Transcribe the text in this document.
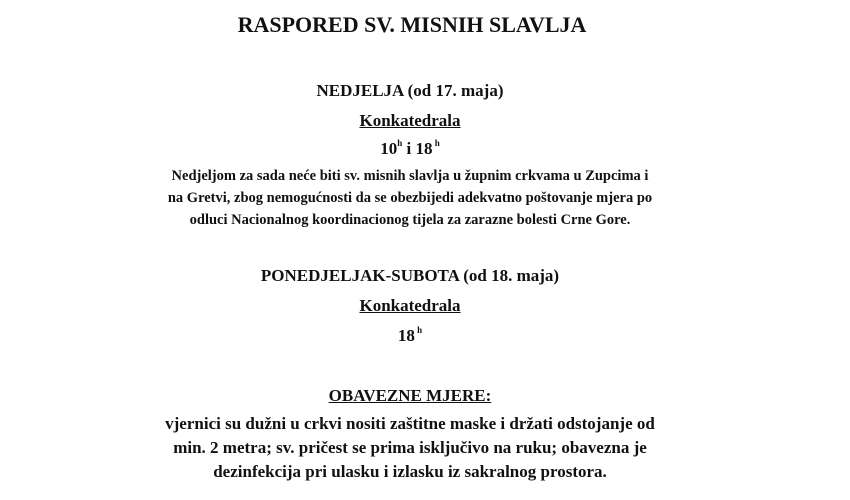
RASPORED SV. MISNIH SLAVLJA
NEDJELJA (od 17. maja)
Konkatedrala
10$^h$ i 18 $^h$
Nedjeljom za sada neće biti sv. misnih slavlja u župnim crkvama u Zupcima i
na Gretvi, zbog nemogućnosti da se obezbijedi adekvatno poštovanje mjera po
odluci Nacionalnog koordinacionog tijela za zarazne bolesti Crne Gore.
PONEDJELJAK-SUBOTA (od 18. maja)
Konkatedrala
18 $^h$
OBAVEZNE MJERE:
vjernici su dužni u crkvi nositi zaštitne maske i držati odstojanje od
min. 2 metra; sv. pričest se prima isključivo na ruku; obavezna je
dezinfekcija pri ulasku i izlasku iz sakralnog prostora.
